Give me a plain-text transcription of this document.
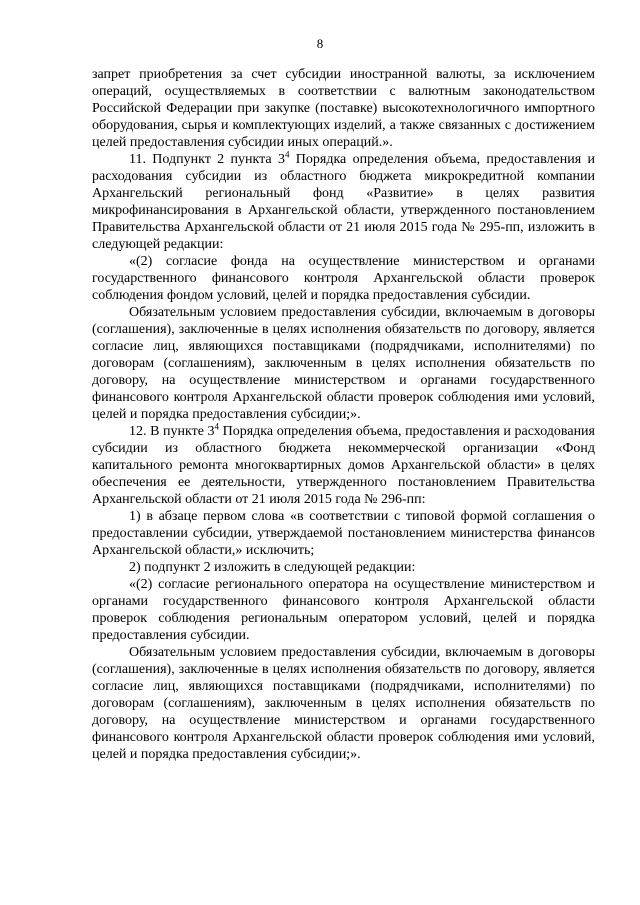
8

запрет приобретения за счет субсидии иностранной валюты, за исключением операций, осуществляемых в соответствии с валютным законодательством Российской Федерации при закупке (поставке) высокотехнологичного импортного оборудования, сырья и комплектующих изделий, а также связанных с достижением целей предоставления субсидии иных операций.».

11. Подпункт 2 пункта $3^4$ Порядка определения объема, предоставления и расходования субсидии из областного бюджета микрокредитной компании Архангельский региональный фонд «Развитие» в целях развития микрофинансирования в Архангельской области, утвержденного постановлением Правительства Архангельской области от 21 июля 2015 года № 295-пп, изложить в следующей редакции:

«(2) согласие фонда на осуществление министерством и органами государственного финансового контроля Архангельской области проверок соблюдения фондом условий, целей и порядка предоставления субсидии.

Обязательным условием предоставления субсидии, включаемым в договоры (соглашения), заключенные в целях исполнения обязательств по договору, является согласие лиц, являющихся поставщиками (подрядчиками, исполнителями) по договорам (соглашениям), заключенным в целях исполнения обязательств по договору, на осуществление министерством и органами государственного финансового контроля Архангельской области проверок соблюдения ими условий, целей и порядка предоставления субсидии;».

12. В пункте $3^4$ Порядка определения объема, предоставления и расходования субсидии из областного бюджета некоммерческой организации «Фонд капитального ремонта многоквартирных домов Архангельской области» в целях обеспечения ее деятельности, утвержденного постановлением Правительства Архангельской области от 21 июля 2015 года № 296-пп:

1) в абзаце первом слова «в соответствии с типовой формой соглашения о предоставлении субсидии, утверждаемой постановлением министерства финансов Архангельской области,» исключить;

2) подпункт 2 изложить в следующей редакции:

«(2) согласие регионального оператора на осуществление министерством и органами государственного финансового контроля Архангельской области проверок соблюдения региональным оператором условий, целей и порядка предоставления субсидии.

Обязательным условием предоставления субсидии, включаемым в договоры (соглашения), заключенные в целях исполнения обязательств по договору, является согласие лиц, являющихся поставщиками (подрядчиками, исполнителями) по договорам (соглашениям), заключенным в целях исполнения обязательств по договору, на осуществление министерством и органами государственного финансового контроля Архангельской области проверок соблюдения ими условий, целей и порядка предоставления субсидии;».
